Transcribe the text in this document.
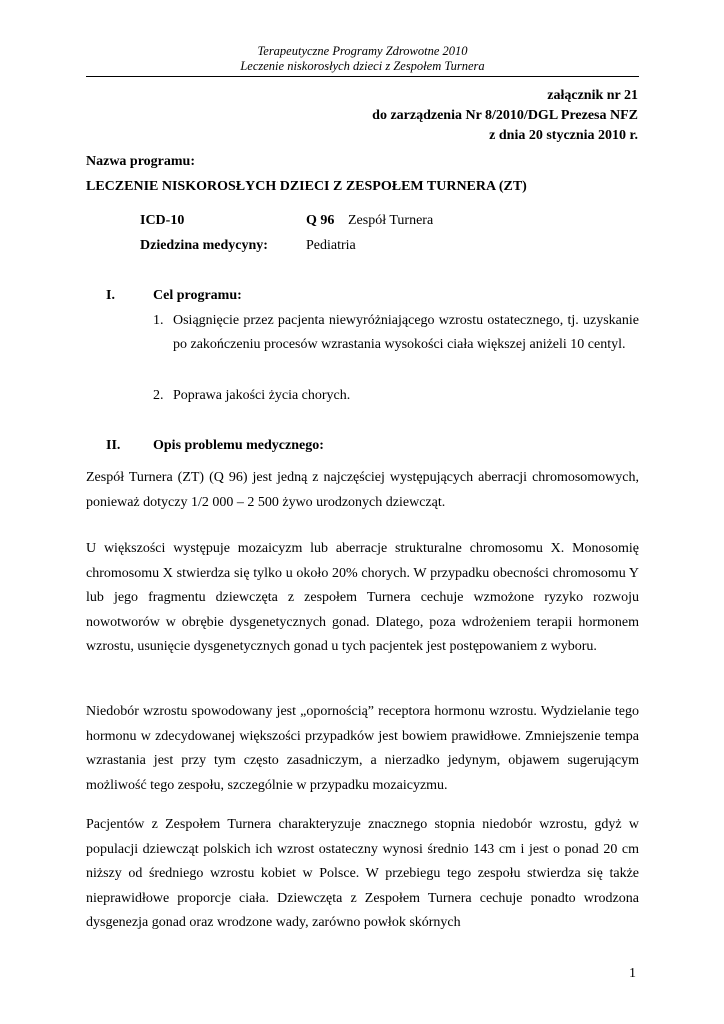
Terapeutyczne Programy Zdrowotne 2010
Leczenie niskorosłych dzieci z Zespołem Turnera
załącznik nr 21
do zarządzenia Nr 8/2010/DGL Prezesa NFZ
z dnia 20 stycznia 2010 r.
Nazwa programu:
LECZENIE NISKOROSŁYCH DZIECI Z ZESPOŁEM TURNERA (ZT)
ICD-10	Q 96 Zespół Turnera
Dziedzina medycyny:	Pediatria
I.	Cel programu:
1. Osiągnięcie przez pacjenta niewyróżniającego wzrostu ostatecznego, tj. uzyskanie po zakończeniu procesów wzrastania wysokości ciała większej aniżeli 10 centyl.
2. Poprawa jakości życia chorych.
II. Opis problemu medycznego:

Zespół Turnera (ZT) (Q 96) jest jedną z najczęściej występujących aberracji chromosomowych, ponieważ dotyczy 1/2 000 – 2 500 żywo urodzonych dziewcząt.

U większości występuje mozaicyzm lub aberracje strukturalne chromosomu X. Monosomię chromosomu X stwierdza się tylko u około 20% chorych. W przypadku obecności chromosomu Y lub jego fragmentu dziewczęta z zespołem Turnera cechuje wzmożone ryzyko rozwoju nowotworów w obrębie dysgenetycznych gonad. Dlatego, poza wdrożeniem terapii hormonem wzrostu, usunięcie dysgenetycznych gonad u tych pacjentek jest postępowaniem z wyboru.

Niedobór wzrostu spowodowany jest „opornością” receptora hormonu wzrostu. Wydzielanie tego hormonu w zdecydowanej większości przypadków jest bowiem prawidłowe. Zmniejszenie tempa wzrastania jest przy tym często zasadniczym, a nierzadko jedynym, objawem sugerującym możliwość tego zespołu, szczególnie w przypadku mozaicyzmu.

Pacjentów z Zespołem Turnera charakteryzuje znacznego stopnia niedobór wzrostu, gdyż w populacji dziewcząt polskich ich wzrost ostateczny wynosi średnio 143 cm i jest o ponad 20 cm niższy od średniego wzrostu kobiet w Polsce. W przebiegu tego zespołu stwierdza się także nieprawidłowe proporcje ciała. Dziewczęta z Zespołem Turnera cechuje ponadto wrodzona dysgenezja gonad oraz wrodzone wady, zarówno powłok skórnych

1
